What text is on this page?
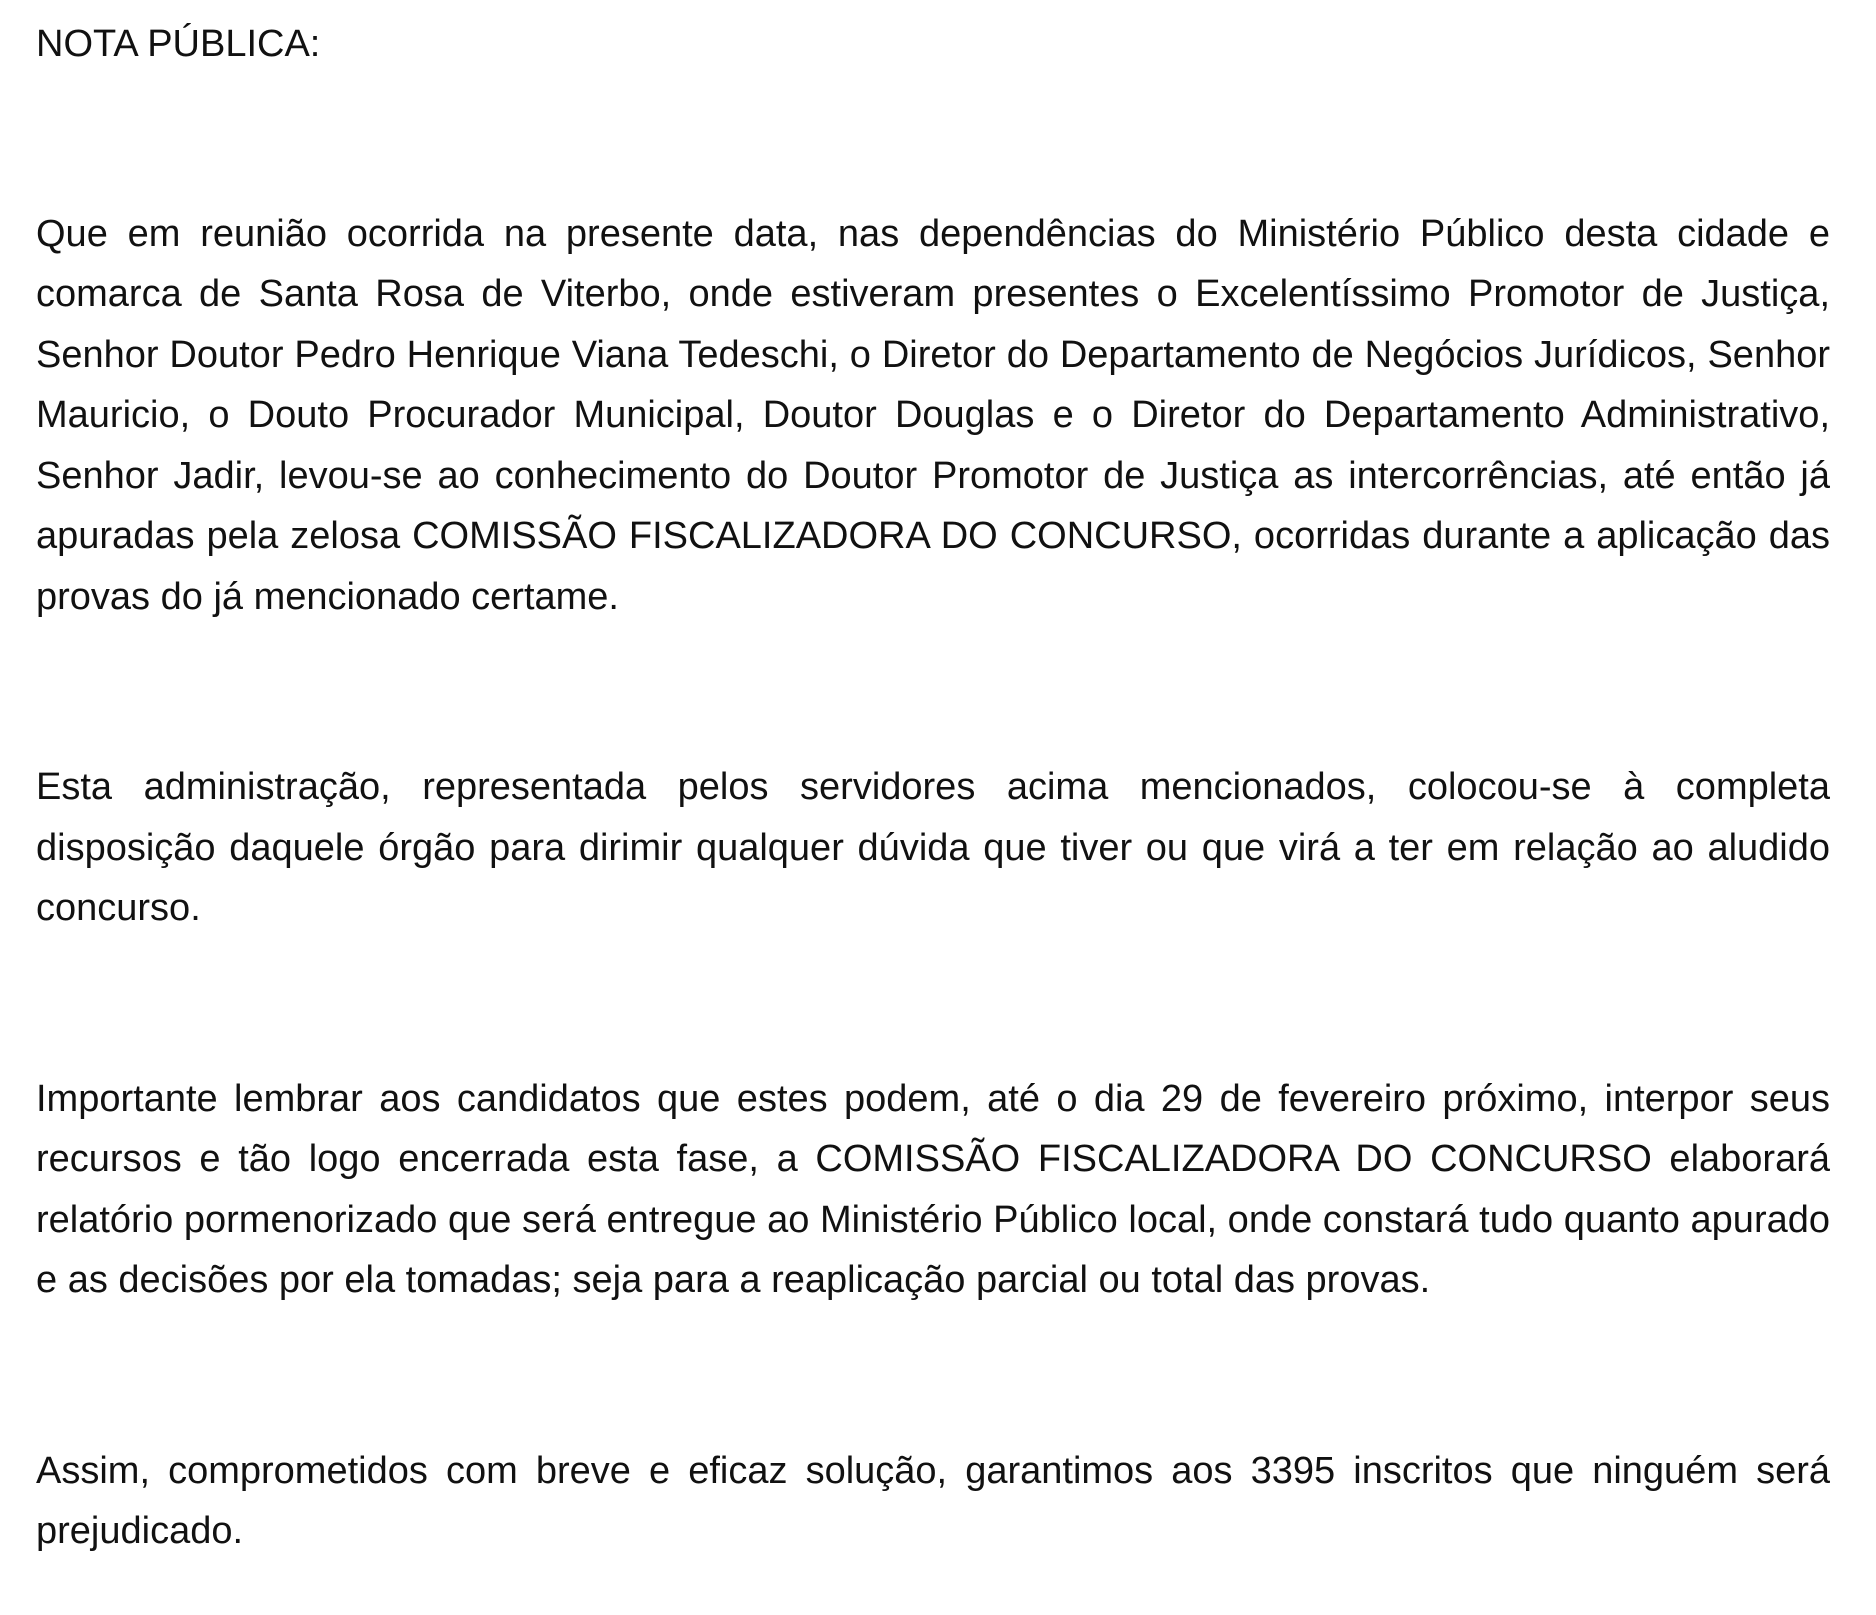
NOTA PÚBLICA:

Que em reunião ocorrida na presente data, nas dependências do Ministério Público desta cidade e comarca de Santa Rosa de Viterbo, onde estiveram presentes o Excelentíssimo Promotor de Justiça, Senhor Doutor Pedro Henrique Viana Tedeschi, o Diretor do Departamento de Negócios Jurídicos, Senhor Mauricio, o Douto Procurador Municipal, Doutor Douglas e o Diretor do Departamento Administrativo, Senhor Jadir, levou-se ao conhecimento do Doutor Promotor de Justiça as intercorrências, até então já apuradas pela zelosa COMISSÃO FISCALIZADORA DO CONCURSO, ocorridas durante a aplicação das provas do já mencionado certame.

Esta administração, representada pelos servidores acima mencionados, colocou-se à completa disposição daquele órgão para dirimir qualquer dúvida que tiver ou que virá a ter em relação ao aludido concurso.

Importante lembrar aos candidatos que estes podem, até o dia 29 de fevereiro próximo, interpor seus recursos e tão logo encerrada esta fase, a COMISSÃO FISCALIZADORA DO CONCURSO elaborará relatório pormenorizado que será entregue ao Ministério Público local, onde constará tudo quanto apurado e as decisões por ela tomadas; seja para a reaplicação parcial ou total das provas.

Assim, comprometidos com breve e eficaz solução, garantimos aos 3395 inscritos que ninguém será prejudicado.
